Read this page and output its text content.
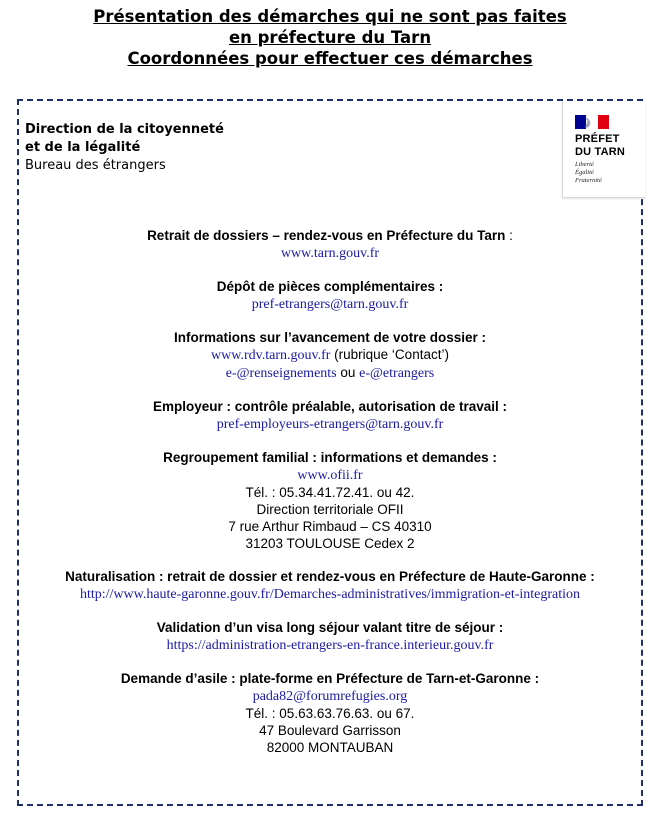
Présentation des démarches qui ne sont pas faites
en préfecture du Tarn
Coordonnées pour effectuer ces démarches
Direction de la citoyenneté
et de la légalité
Bureau des étrangers
PRÉFET
DU TARN
Liberté
Égalité
Fraternité
Retrait de dossiers – rendez-vous en Préfecture du Tarn :
www.tarn.gouv.fr
Dépôt de pièces complémentaires :
pref-etrangers@tarn.gouv.fr
Informations sur l’avancement de votre dossier :
www.rdv.tarn.gouv.fr (rubrique ‘Contact’)
e-@renseignements ou e-@etrangers
Employeur : contrôle préalable, autorisation de travail :
pref-employeurs-etrangers@tarn.gouv.fr
Regroupement familial : informations et demandes :
www.ofii.fr
Tél. : 05.34.41.72.41. ou 42.
Direction territoriale OFII
7 rue Arthur Rimbaud – CS 40310
31203 TOULOUSE Cedex 2
Naturalisation : retrait de dossier et rendez-vous en Préfecture de Haute-Garonne :
http://www.haute-garonne.gouv.fr/Demarches-administratives/immigration-et-integration
Validation d’un visa long séjour valant titre de séjour :
https://administration-etrangers-en-france.interieur.gouv.fr
Demande d’asile : plate-forme en Préfecture de Tarn-et-Garonne :
pada82@forumrefugies.org
Tél. : 05.63.63.76.63. ou 67.
47 Boulevard Garrisson
82000 MONTAUBAN
